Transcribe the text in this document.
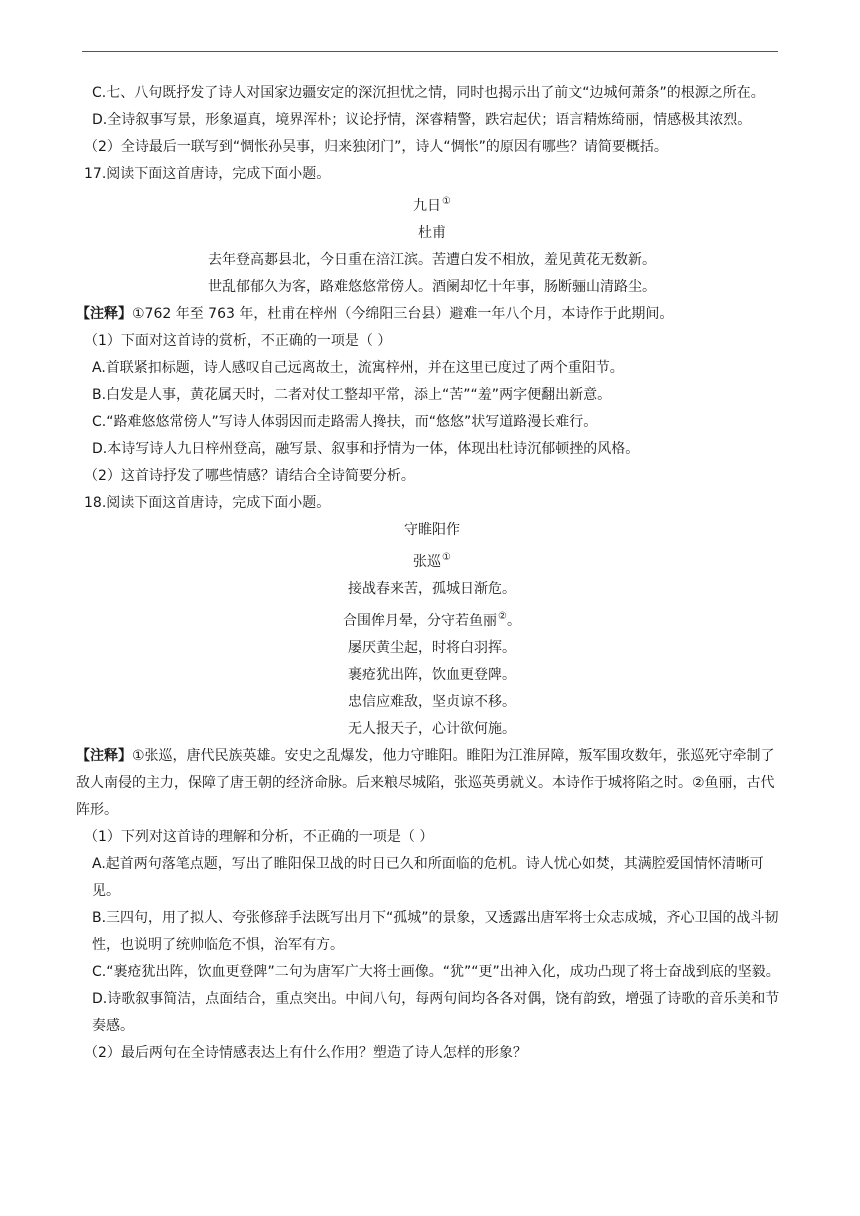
C.七、八句既抒发了诗人对国家边疆安定的深沉担忧之情，同时也揭示出了前文“边城何萧条”的根源之所在。

D.全诗叙事写景，形象逼真，境界浑朴；议论抒情，深睿精警，跌宕起伏；语言精炼绮丽，情感极其浓烈。

（2）全诗最后一联写到“惆怅孙吴事，归来独闭门”，诗人“惆怅”的原因有哪些？请简要概括。

17.阅读下面这首唐诗，完成下面小题。

九日①

杜甫

去年登高郪县北，今日重在涪江滨。苦遭白发不相放，羞见黄花无数新。

世乱郁郁久为客，路难悠悠常傍人。酒阑却忆十年事，肠断骊山清路尘。

【注释】①762 年至 763 年，杜甫在梓州（今绵阳三台县）避难一年八个月，本诗作于此期间。

（1）下面对这首诗的赏析，不正确的一项是（ ）

A.首联紧扣标题，诗人感叹自己远离故土，流寓梓州，并在这里已度过了两个重阳节。

B.白发是人事，黄花属天时，二者对仗工整却平常，添上“苦”“羞”两字便翻出新意。

C.“路难悠悠常傍人”写诗人体弱因而走路需人搀扶，而“悠悠”状写道路漫长难行。

D.本诗写诗人九日梓州登高，融写景、叙事和抒情为一体，体现出杜诗沉郁顿挫的风格。

（2）这首诗抒发了哪些情感？请结合全诗简要分析。

18.阅读下面这首唐诗，完成下面小题。

守睢阳作

张巡①

接战春来苦，孤城日渐危。

合围侔月晕，分守若鱼丽②。

屡厌黄尘起，时将白羽挥。

裹疮犹出阵，饮血更登陴。

忠信应难敌，坚贞谅不移。

无人报天子，心计欲何施。

【注释】①张巡，唐代民族英雄。安史之乱爆发，他力守睢阳。睢阳为江淮屏障，叛军围攻数年，张巡死守牵制了敌人南侵的主力，保障了唐王朝的经济命脉。后来粮尽城陷，张巡英勇就义。本诗作于城将陷之时。②鱼丽，古代阵形。

（1）下列对这首诗的理解和分析，不正确的一项是（ ）

A.起首两句落笔点题，写出了睢阳保卫战的时日已久和所面临的危机。诗人忧心如焚，其满腔爱国情怀清晰可见。

B.三四句，用了拟人、夸张修辞手法既写出月下“孤城”的景象，又透露出唐军将士众志成城，齐心卫国的战斗韧性，也说明了统帅临危不惧，治军有方。

C.“裹疮犹出阵，饮血更登陴”二句为唐军广大将士画像。“犹”“更”出神入化，成功凸现了将士奋战到底的坚毅。

D.诗歌叙事简洁，点面结合，重点突出。中间八句，每两句间均各各对偶，饶有韵致，增强了诗歌的音乐美和节奏感。

（2）最后两句在全诗情感表达上有什么作用？塑造了诗人怎样的形象？
